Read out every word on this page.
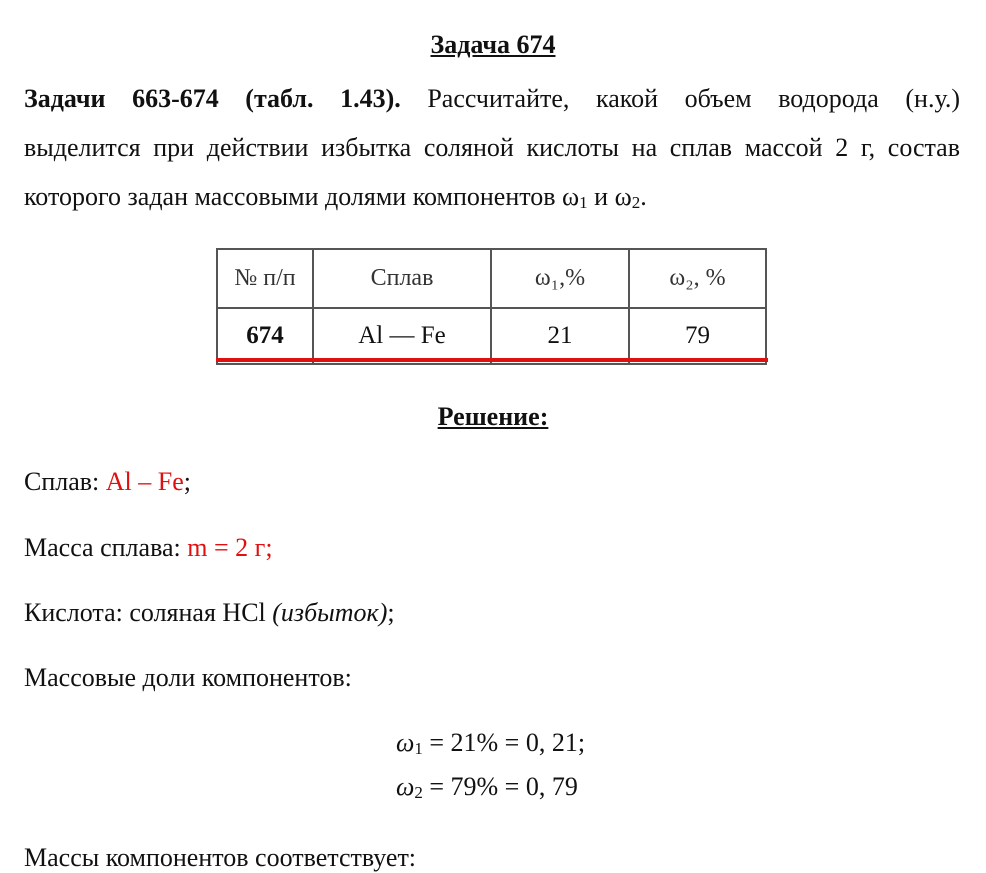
Задача 674
Задачи 663-674 (табл. 1.43). Рассчитайте, какой объем водорода (н.у.)
выделится при действии избытка соляной кислоты на сплав массой 2 г, состав
которого задан массовыми долями компонентов $\omega_1$ и $\omega_2$.
№ п/п	Сплав	ω₁,%	ω₂, %
674	Al — Fe	21	79
Решение:
Сплав: Al – Fe;
Масса сплава: m = 2 г;
Кислота: соляная HCl (избыток);
Массовые доли компонентов:
$\omega_1 = 21\% = 0$, 21;
$\omega_2 = 79\% = 0$, 79
Массы компонентов соответствует:
